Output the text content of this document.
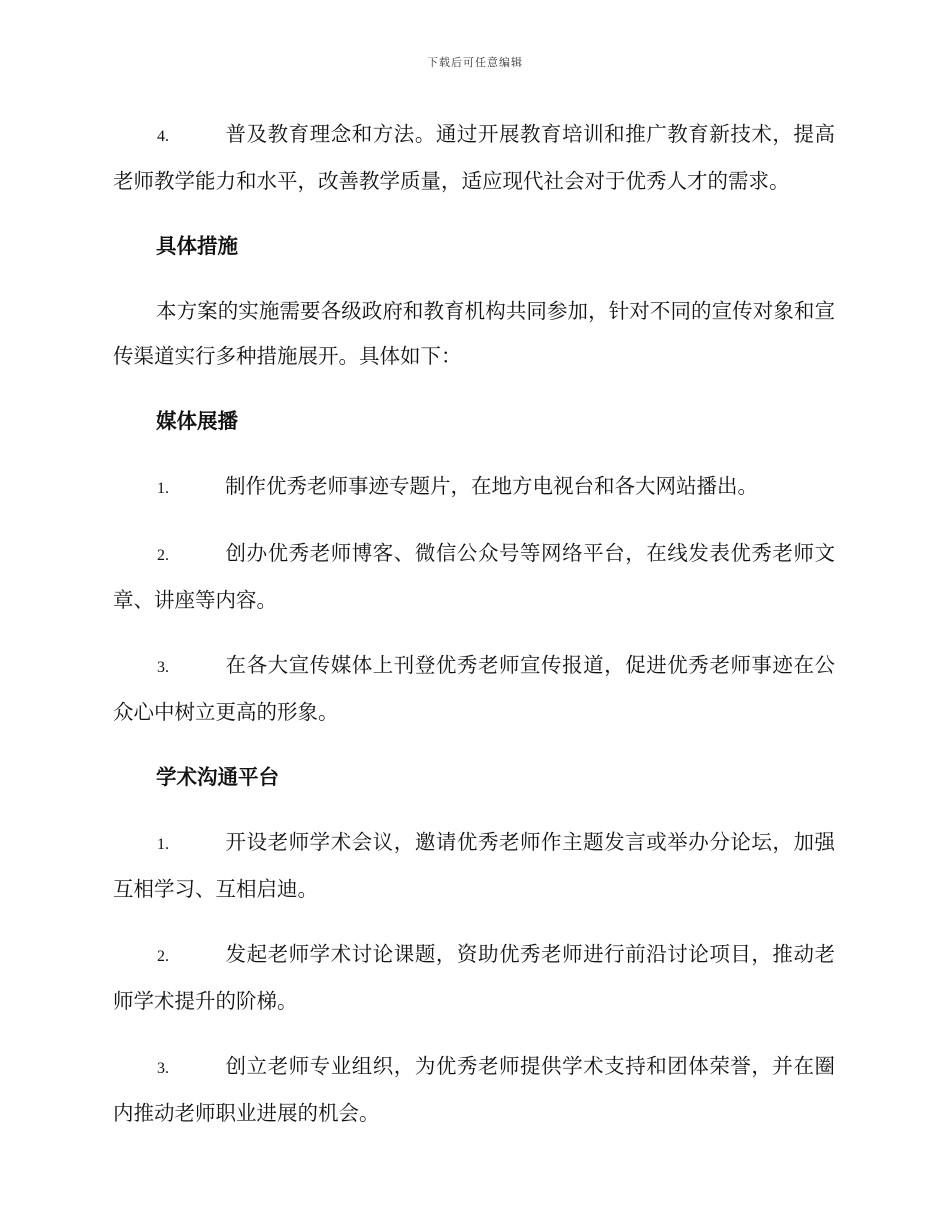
下载后可任意编辑

4.	普及教育理念和方法。通过开展教育培训和推广教育新技术，提高老师教学能力和水平，改善教学质量，适应现代社会对于优秀人才的需求。

具体措施

本方案的实施需要各级政府和教育机构共同参加，针对不同的宣传对象和宣传渠道实行多种措施展开。具体如下：

媒体展播

1.	制作优秀老师事迹专题片，在地方电视台和各大网站播出。

2.	创办优秀老师博客、微信公众号等网络平台，在线发表优秀老师文章、讲座等内容。

3.	在各大宣传媒体上刊登优秀老师宣传报道，促进优秀老师事迹在公众心中树立更高的形象。

学术沟通平台

1.	开设老师学术会议，邀请优秀老师作主题发言或举办分论坛，加强互相学习、互相启迪。

2.	发起老师学术讨论课题，资助优秀老师进行前沿讨论项目，推动老师学术提升的阶梯。

3.	创立老师专业组织，为优秀老师提供学术支持和团体荣誉，并在圈内推动老师职业进展的机会。
